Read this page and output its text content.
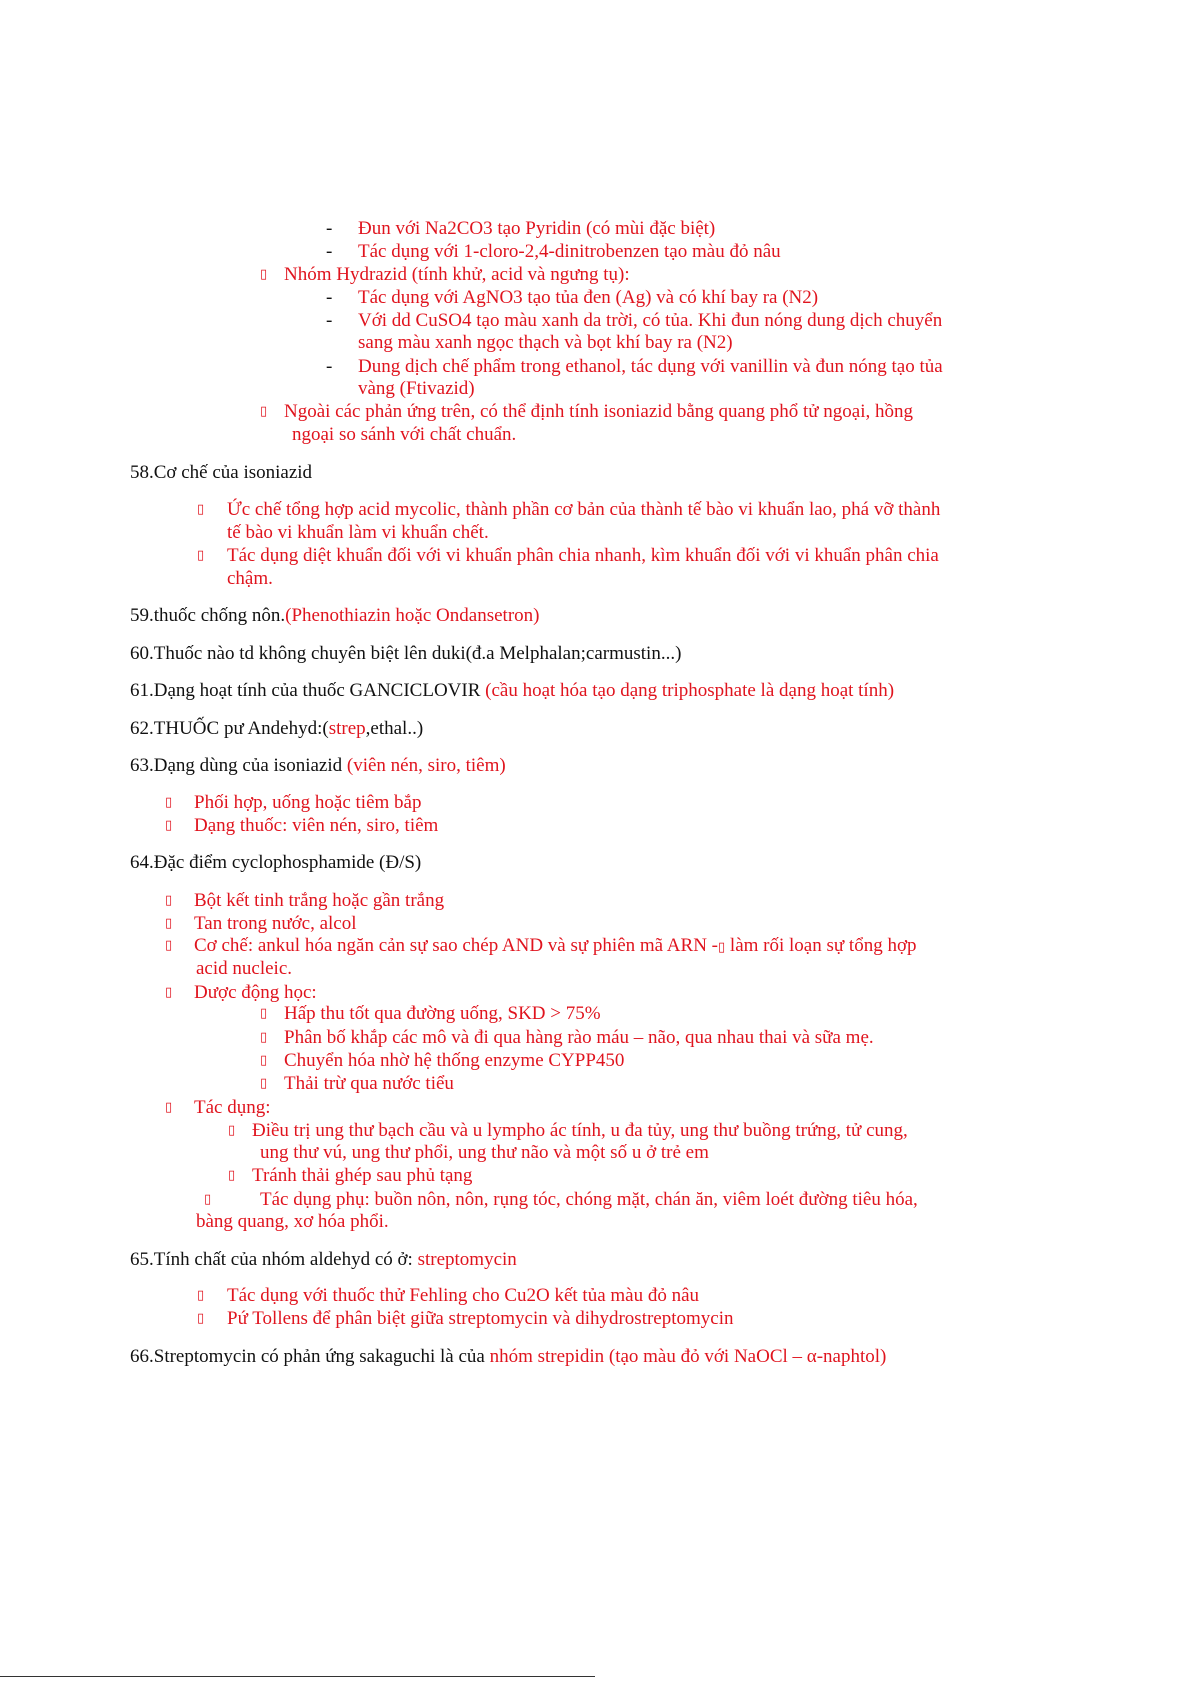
- Đun với Na2CO3 tạo Pyridin (có mùi đặc biệt)
- Tác dụng với 1-cloro-2,4-dinitrobenzen tạo màu đỏ nâu
▯ Nhóm Hydrazid (tính khử, acid và ngưng tụ):
- Tác dụng với AgNO3 tạo tủa đen (Ag) và có khí bay ra (N2)
- Với dd CuSO4 tạo màu xanh da trời, có tủa. Khi đun nóng dung dịch chuyển
sang màu xanh ngọc thạch và bọt khí bay ra (N2)
- Dung dịch chế phẩm trong ethanol, tác dụng với vanillin và đun nóng tạo tủa
vàng (Ftivazid)
▯ Ngoài các phản ứng trên, có thể định tính isoniazid bằng quang phổ tử ngoại, hồng
ngoại so sánh với chất chuẩn.
58.Cơ chế của isoniazid
▯ Ức chế tổng hợp acid mycolic, thành phần cơ bản của thành tế bào vi khuẩn lao, phá vỡ thành
tế bào vi khuẩn làm vi khuẩn chết.
▯ Tác dụng diệt khuẩn đối với vi khuẩn phân chia nhanh, kìm khuẩn đối với vi khuẩn phân chia
chậm.
59.thuốc chống nôn.(Phenothiazin hoặc Ondansetron)
60.Thuốc nào td không chuyên biệt lên duki(đ.a Melphalan;carmustin...)
61.Dạng hoạt tính của thuốc GANCICLOVIR (cầu hoạt hóa tạo dạng triphosphate là dạng hoạt tính)
62.THUỐC pư Andehyd:(strep,ethal..)
63.Dạng dùng của isoniazid (viên nén, siro, tiêm)
▯ Phối hợp, uống hoặc tiêm bắp
▯ Dạng thuốc: viên nén, siro, tiêm
64.Đặc điểm cyclophosphamide (Đ/S)
▯ Bột kết tinh trắng hoặc gần trắng
▯ Tan trong nước, alcol
▯ Cơ chế: ankul hóa ngăn cản sự sao chép AND và sự phiên mã ARN -▯ làm rối loạn sự tổng hợp
acid nucleic.
▯ Dược động học:
▯ Hấp thu tốt qua đường uống, SKD > 75%
▯ Phân bố khắp các mô và đi qua hàng rào máu – não, qua nhau thai và sữa mẹ.
▯ Chuyển hóa nhờ hệ thống enzyme CYPP450
▯ Thải trừ qua nước tiểu
▯ Tác dụng:
▯ Điều trị ung thư bạch cầu và u lympho ác tính, u đa tủy, ung thư buồng trứng, tử cung,
ung thư vú, ung thư phổi, ung thư não và một số u ở trẻ em
▯ Tránh thải ghép sau phủ tạng
▯	Tác dụng phụ: buồn nôn, nôn, rụng tóc, chóng mặt, chán ăn, viêm loét đường tiêu hóa,
bàng quang, xơ hóa phổi.
65.Tính chất của nhóm aldehyd có ở: streptomycin
▯ Tác dụng với thuốc thử Fehling cho Cu2O kết tủa màu đỏ nâu
▯ Pứ Tollens để phân biệt giữa streptomycin và dihydrostreptomycin
66.Streptomycin có phản ứng sakaguchi là của nhóm strepidin (tạo màu đỏ với NaOCl – α-naphtol)
